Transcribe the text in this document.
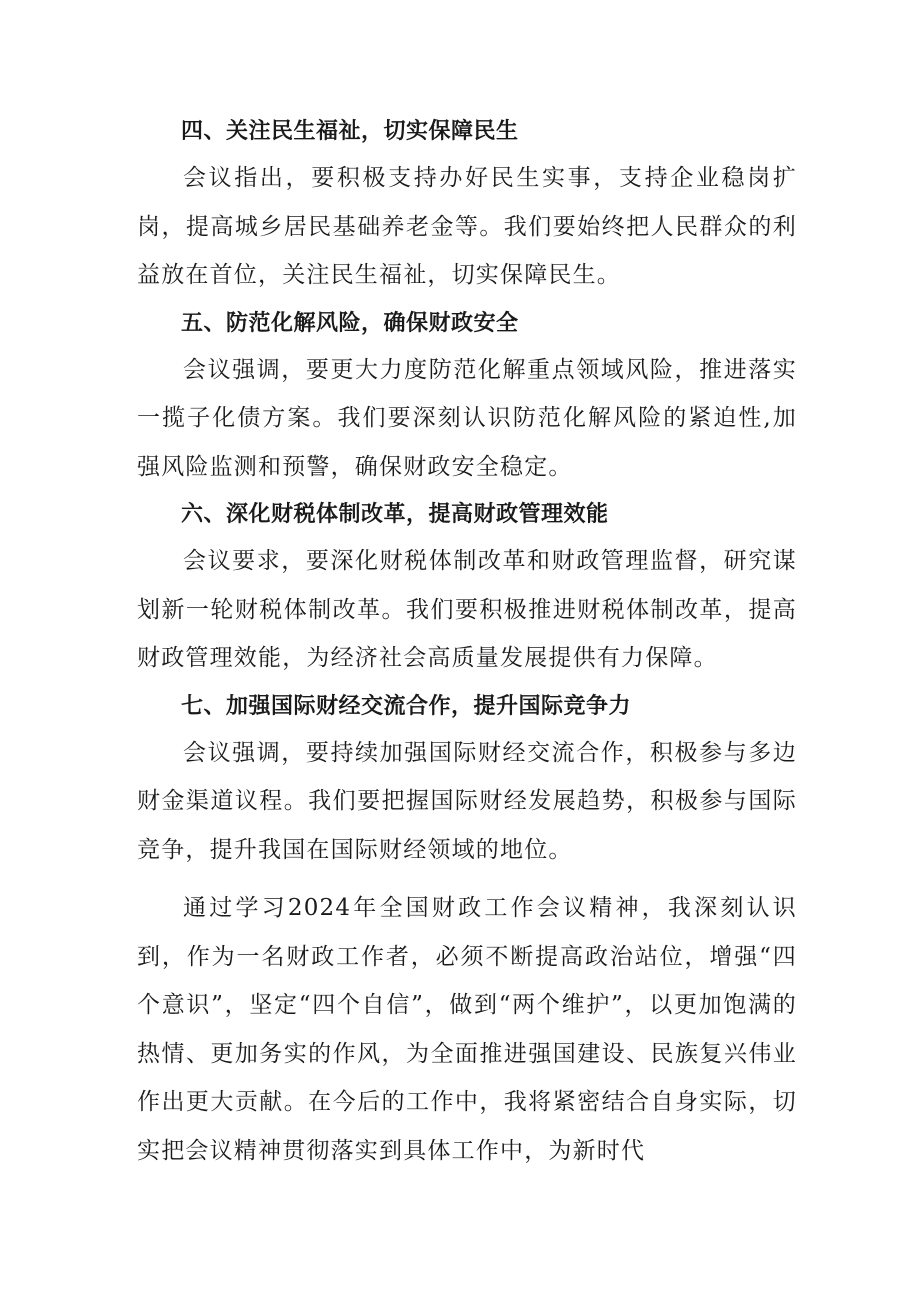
四、关注民生福祉，切实保障民生

会议指出，要积极支持办好民生实事，支持企业稳岗扩岗，提高城乡居民基础养老金等。我们要始终把人民群众的利益放在首位，关注民生福祉，切实保障民生。

五、防范化解风险，确保财政安全

会议强调，要更大力度防范化解重点领域风险，推进落实一揽子化债方案。我们要深刻认识防范化解风险的紧迫性,加强风险监测和预警，确保财政安全稳定。

六、深化财税体制改革，提高财政管理效能

会议要求，要深化财税体制改革和财政管理监督，研究谋划新一轮财税体制改革。我们要积极推进财税体制改革，提高财政管理效能，为经济社会高质量发展提供有力保障。

七、加强国际财经交流合作，提升国际竞争力

会议强调，要持续加强国际财经交流合作，积极参与多边财金渠道议程。我们要把握国际财经发展趋势，积极参与国际竞争，提升我国在国际财经领域的地位。

通过学习2024年全国财政工作会议精神，我深刻认识到，作为一名财政工作者，必须不断提高政治站位，增强“四个意识”，坚定“四个自信”，做到“两个维护”，以更加饱满的热情、更加务实的作风，为全面推进强国建设、民族复兴伟业作出更大贡献。在今后的工作中，我将紧密结合自身实际，切实把会议精神贯彻落实到具体工作中，为新时代
